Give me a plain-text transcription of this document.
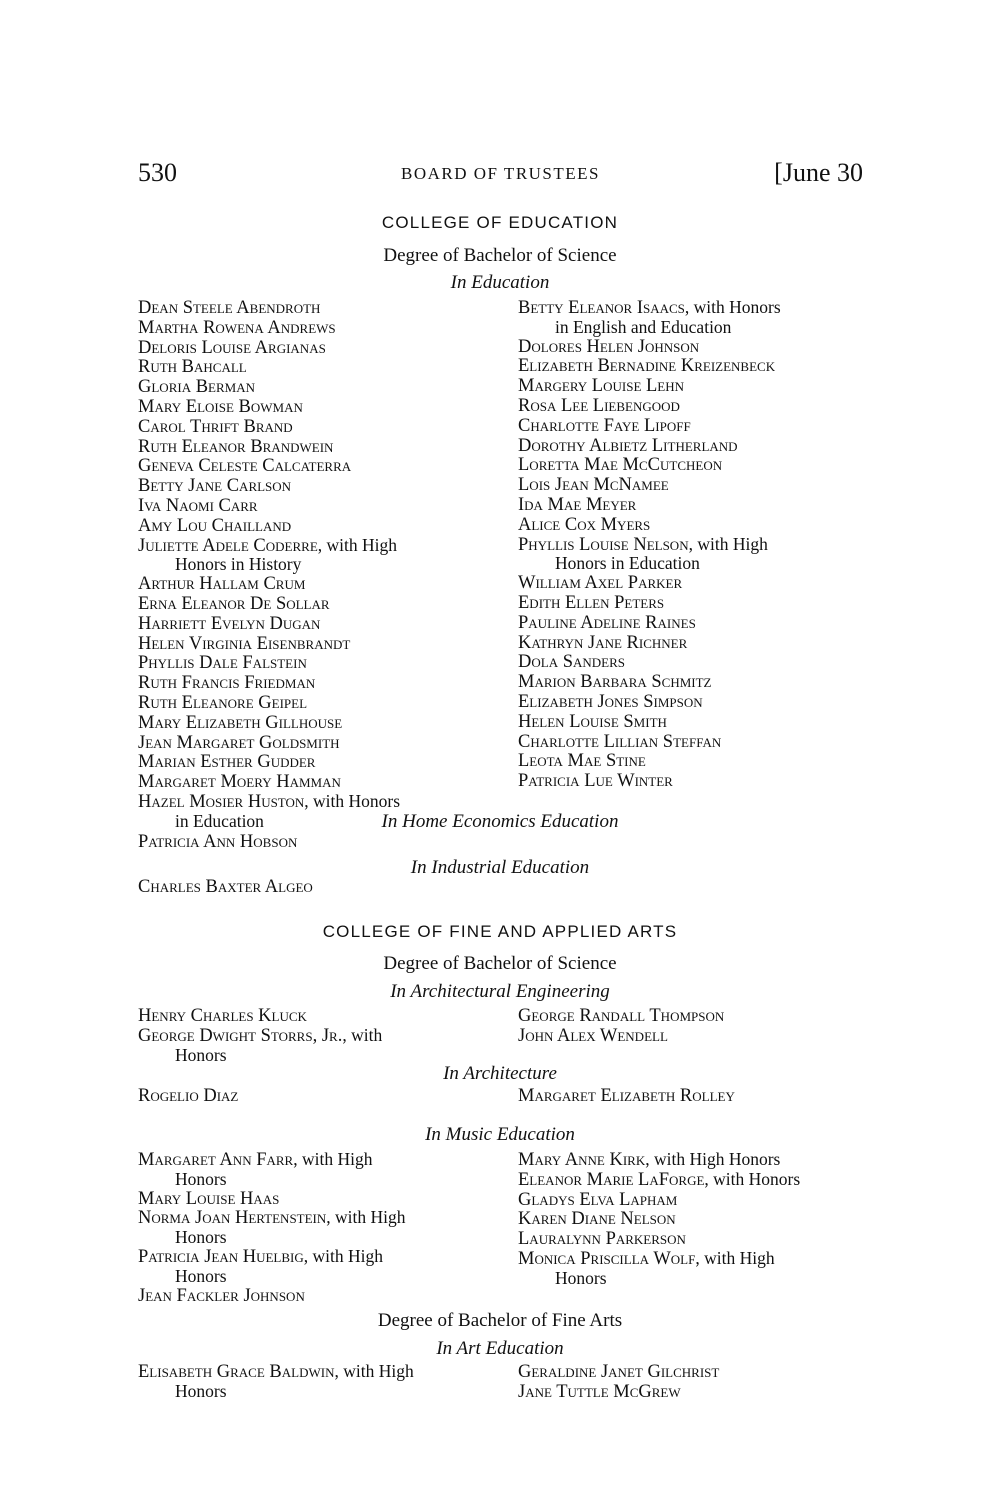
530	BOARD OF TRUSTEES	[June 30
COLLEGE OF EDUCATION
Degree of Bachelor of Science
In Education
Dean Steele Abendroth
Martha Rowena Andrews
Deloris Louise Argianas
Ruth Bahcall
Gloria Berman
Mary Eloise Bowman
Carol Thrift Brand
Ruth Eleanor Brandwein
Geneva Celeste Calcaterra
Betty Jane Carlson
Iva Naomi Carr
Amy Lou Chailland
Juliette Adele Coderre, with High
Honors in History
Arthur Hallam Crum
Erna Eleanor De Sollar
Harriett Evelyn Dugan
Helen Virginia Eisenbrandt
Phyllis Dale Falstein
Ruth Francis Friedman
Ruth Eleanore Geipel
Mary Elizabeth Gillhouse
Jean Margaret Goldsmith
Marian Esther Gudder
Margaret Moery Hamman
Hazel Mosier Huston, with Honors
in Education
Betty Eleanor Isaacs, with Honors
in English and Education
Dolores Helen Johnson
Elizabeth Bernadine Kreizenbeck
Margery Louise Lehn
Rosa Lee Liebengood
Charlotte Faye Lipoff
Dorothy Albietz Litherland
Loretta Mae McCutcheon
Lois Jean McNamee
Ida Mae Meyer
Alice Cox Myers
Phyllis Louise Nelson, with High
Honors in Education
William Axel Parker
Edith Ellen Peters
Pauline Adeline Raines
Kathryn Jane Richner
Dola Sanders
Marion Barbara Schmitz
Elizabeth Jones Simpson
Helen Louise Smith
Charlotte Lillian Steffan
Leota Mae Stine
Patricia Lue Winter
In Home Economics Education
Patricia Ann Hobson
In Industrial Education
Charles Baxter Algeo
COLLEGE OF FINE AND APPLIED ARTS
Degree of Bachelor of Science
In Architectural Engineering
Henry Charles Kluck
George Dwight Storrs, Jr., with
Honors
George Randall Thompson
John Alex Wendell
In Architecture
Rogelio Diaz	Margaret Elizabeth Rolley
In Music Education
Margaret Ann Farr, with High
Honors
Mary Louise Haas
Norma Joan Hertenstein, with High
Honors
Patricia Jean Huelbig, with High
Honors
Jean Fackler Johnson
Mary Anne Kirk, with High Honors
Eleanor Marie LaForge, with Honors
Gladys Elva Lapham
Karen Diane Nelson
Lauralynn Parkerson
Monica Priscilla Wolf, with High
Honors
Degree of Bachelor of Fine Arts
In Art Education
Elisabeth Grace Baldwin, with High
Honors
Geraldine Janet Gilchrist
Jane Tuttle McGrew
